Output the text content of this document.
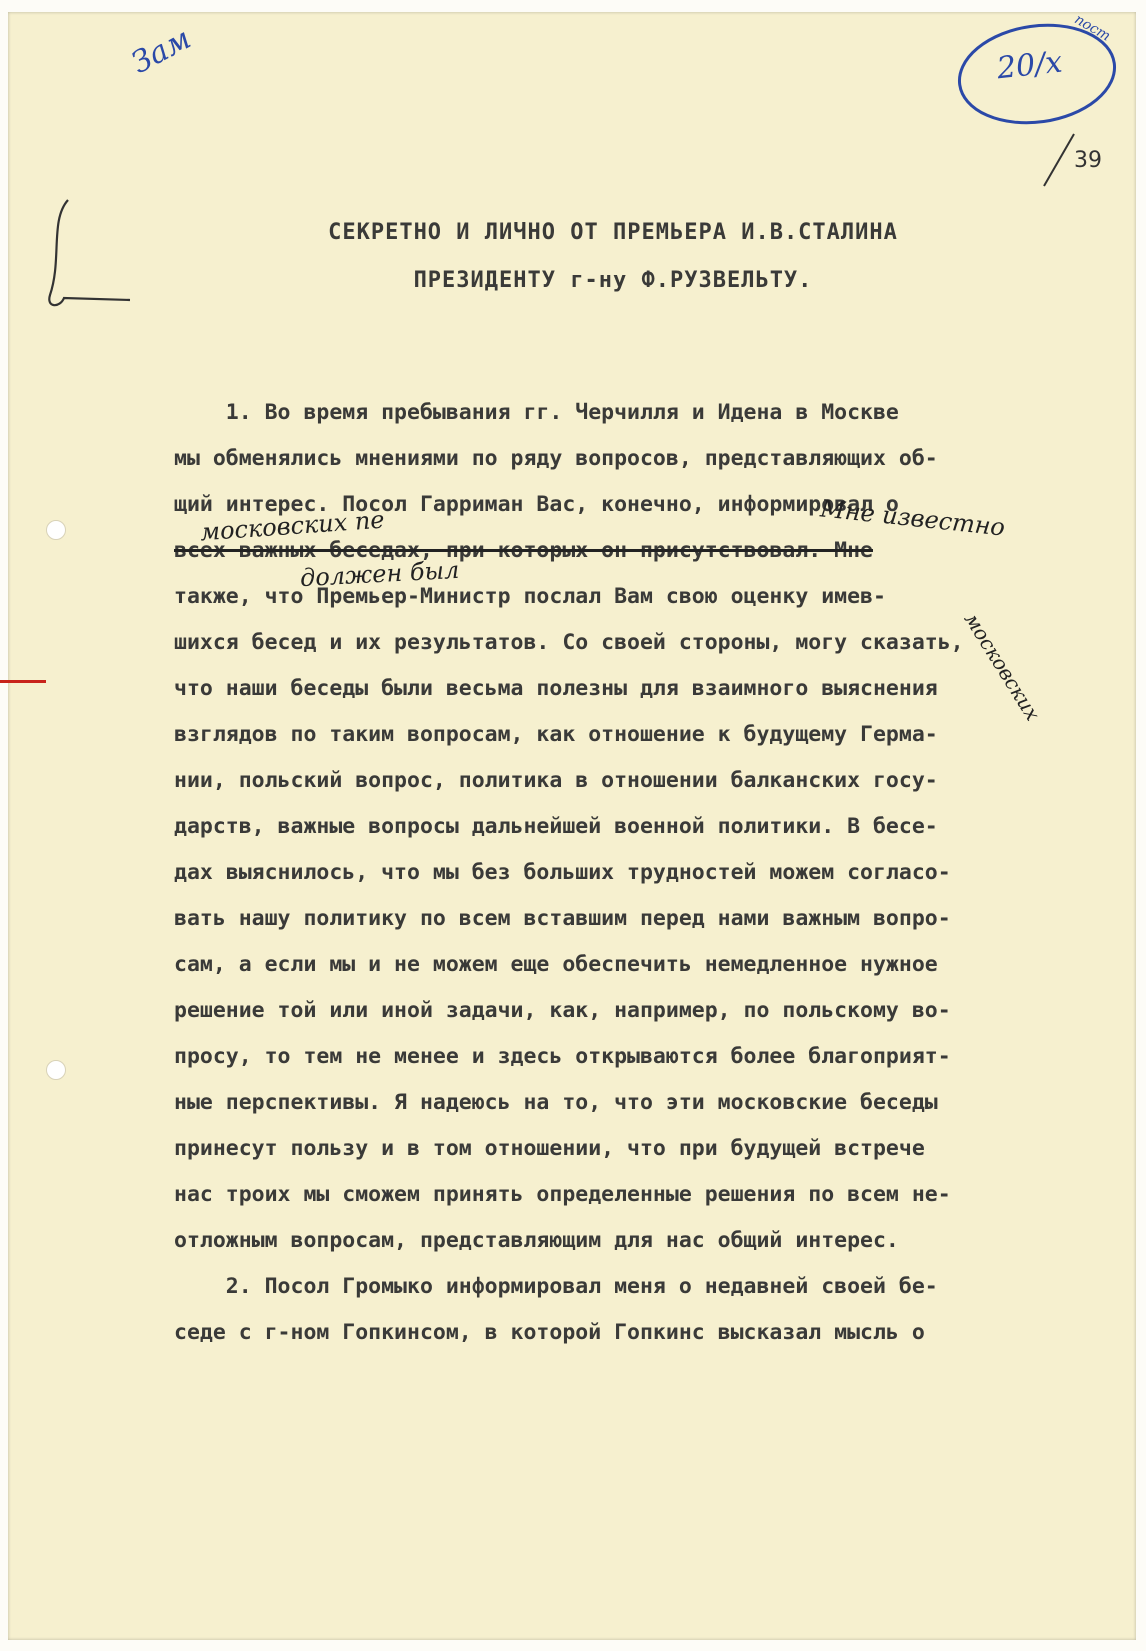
Зам	20/x
пост
39
СЕКРЕТНО И ЛИЧНО ОТ ПРЕМЬЕРА И.В.СТАЛИНА
ПРЕЗИДЕНТУ г-ну Ф.РУЗВЕЛЬТУ.
1. Во время пребывания гг. Черчилля и Идена в Москве
мы обменялись мнениями по ряду вопросов, представляющих об-
щий интерес. Посол Гарриман Вас, конечно, информировал о
всех важных беседах, при которых он присутствовал. Мне
также, что Премьер-Министр послал Вам свою оценку имев-
шихся бесед и их результатов. Со своей стороны, могу сказать,
что наши беседы были весьма полезны для взаимного выяснения
взглядов по таким вопросам, как отношение к будущему Герма-
нии, польский вопрос, политика в отношении балканских госу-
дарств, важные вопросы дальнейшей военной политики. В бесе-
дах выяснилось, что мы без больших трудностей можем согласо-
вать нашу политику по всем вставшим перед нами важным вопро-
сам, а если мы и не можем еще обеспечить немедленное нужное
решение той или иной задачи, как, например, по польскому во-
просу, то тем не менее и здесь открываются более благоприят-
ные перспективы. Я надеюсь на то, что эти московские беседы
принесут пользу и в том отношении, что при будущей встрече
нас троих мы сможем принять определенные решения по всем не-
отложным вопросам, представляющим для нас общий интерес.
2. Посол Громыко информировал меня о недавней своей бе-
седе с г-ном Гопкинсом, в которой Гопкинс высказал мысль о
московских пе	Мне известно
должен был
московских
